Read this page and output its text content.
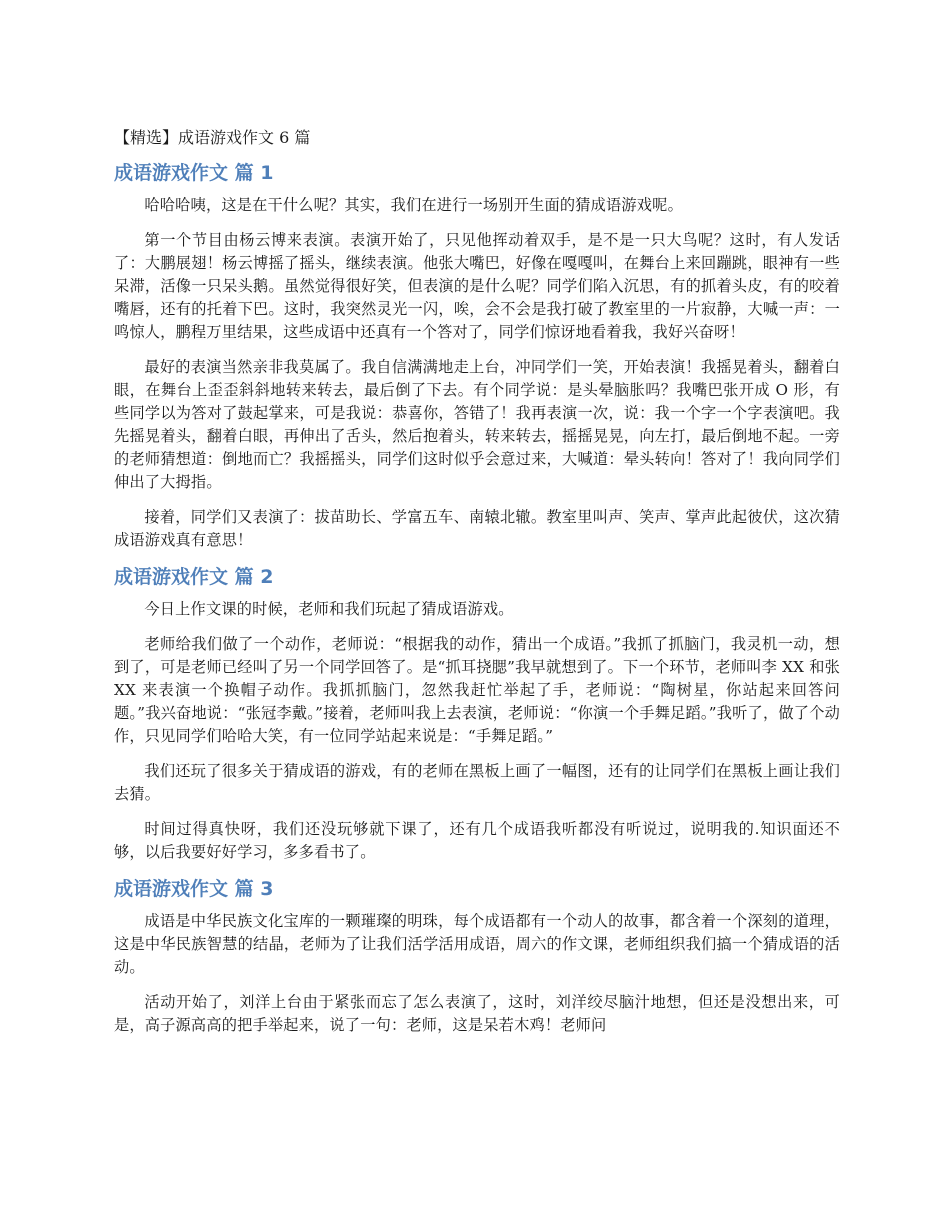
【精选】成语游戏作文 6 篇
成语游戏作文 篇 1

哈哈哈咦，这是在干什么呢？其实，我们在进行一场别开生面的猜成语游戏呢。

第一个节目由杨云博来表演。表演开始了，只见他挥动着双手，是不是一只大鸟呢？这时，有人发话了：大鹏展翅！杨云博摇了摇头，继续表演。他张大嘴巴，好像在嘎嘎叫，在舞台上来回蹦跳，眼神有一些呆滞，活像一只呆头鹅。虽然觉得很好笑，但表演的是什么呢？同学们陷入沉思，有的抓着头皮，有的咬着嘴唇，还有的托着下巴。这时，我突然灵光一闪，唉，会不会是我打破了教室里的一片寂静，大喊一声：一鸣惊人，鹏程万里结果，这些成语中还真有一个答对了，同学们惊讶地看着我，我好兴奋呀！

最好的表演当然亲非我莫属了。我自信满满地走上台，冲同学们一笑，开始表演！我摇晃着头，翻着白眼，在舞台上歪歪斜斜地转来转去，最后倒了下去。有个同学说：是头晕脑胀吗？我嘴巴张开成 O 形，有些同学以为答对了鼓起掌来，可是我说：恭喜你，答错了！我再表演一次，说：我一个字一个字表演吧。我先摇晃着头，翻着白眼，再伸出了舌头，然后抱着头，转来转去，摇摇晃晃，向左打，最后倒地不起。一旁的老师猜想道：倒地而亡？我摇摇头，同学们这时似乎会意过来，大喊道：晕头转向！答对了！我向同学们伸出了大拇指。

接着，同学们又表演了：拔苗助长、学富五车、南辕北辙。教室里叫声、笑声、掌声此起彼伏，这次猜成语游戏真有意思！

成语游戏作文 篇 2

今日上作文课的时候，老师和我们玩起了猜成语游戏。

老师给我们做了一个动作，老师说：“根据我的动作，猜出一个成语。”我抓了抓脑门，我灵机一动，想到了，可是老师已经叫了另一个同学回答了。是“抓耳挠腮”我早就想到了。下一个环节，老师叫李 XX 和张 XX 来表演一个换帽子动作。我抓抓脑门，忽然我赶忙举起了手，老师说：“陶树星，你站起来回答问题。”我兴奋地说：“张冠李戴。”接着，老师叫我上去表演，老师说：“你演一个手舞足蹈。”我听了，做了个动作，只见同学们哈哈大笑，有一位同学站起来说是：“手舞足蹈。”

我们还玩了很多关于猜成语的游戏，有的老师在黑板上画了一幅图，还有的让同学们在黑板上画让我们去猜。

时间过得真快呀，我们还没玩够就下课了，还有几个成语我听都没有听说过，说明我的.知识面还不够，以后我要好好学习，多多看书了。

成语游戏作文 篇 3

成语是中华民族文化宝库的一颗璀璨的明珠，每个成语都有一个动人的故事，都含着一个深刻的道理，这是中华民族智慧的结晶，老师为了让我们活学活用成语，周六的作文课，老师组织我们搞一个猜成语的活动。

活动开始了，刘洋上台由于紧张而忘了怎么表演了，这时，刘洋绞尽脑汁地想，但还是没想出来，可是，高子源高高的把手举起来，说了一句：老师，这是呆若木鸡！老师问
